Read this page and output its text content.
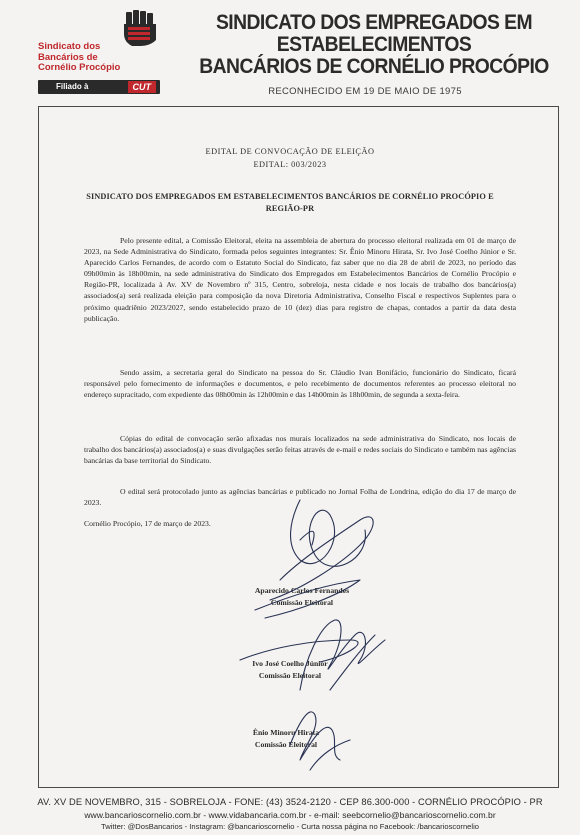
Sindicato dos
Bancários de
Cornélio Procópio
Filiado à	CUT
SINDICATO DOS EMPREGADOS EM ESTABELECIMENTOS
BANCÁRIOS DE CORNÉLIO PROCÓPIO
RECONHECIDO EM 19 DE MAIO DE 1975
EDITAL DE CONVOCAÇÃO DE ELEIÇÃO
EDITAL: 003/2023
SINDICATO DOS EMPREGADOS EM ESTABELECIMENTOS BANCÁRIOS DE CORNÉLIO PROCÓPIO E REGIÃO-PR

Pelo presente edital, a Comissão Eleitoral, eleita na assembleia de abertura do processo eleitoral realizada em 01 de março de 2023, na Sede Administrativa do Sindicato, formada pelos seguintes integrantes: Sr. Ênio Minoru Hirata, Sr. Ivo José Coelho Júnior e Sr. Aparecido Carlos Fernandes, de acordo com o Estatuto Social do Sindicato, faz saber que no dia 28 de abril de 2023, no período das 09h00min às 18h00min, na sede administrativa do Sindicato dos Empregados em Estabelecimentos Bancários de Cornélio Procópio e Região-PR, localizada à Av. XV de Novembro nº 315, Centro, sobreloja, nesta cidade e nos locais de trabalho dos bancários(a) associados(a) será realizada eleição para composição da nova Diretoria Administrativa, Conselho Fiscal e respectivos Suplentes para o próximo quadriênio 2023/2027, sendo estabelecido prazo de 10 (dez) dias para registro de chapas, contados a partir da data desta publicação.

Sendo assim, a secretaria geral do Sindicato na pessoa do Sr. Cláudio Ivan Bonifácio, funcionário do Sindicato, ficará responsável pelo fornecimento de informações e documentos, e pelo recebimento de documentos referentes ao processo eleitoral no endereço supracitado, com expediente das 08h00min às 12h00min e das 14h00min às 18h00min, de segunda a sexta-feira.

Cópias do edital de convocação serão afixadas nos murais localizados na sede administrativa do Sindicato, nos locais de trabalho dos bancários(a) associados(a) e suas divulgações serão feitas através de e-mail e redes sociais do Sindicato e também nas agências bancárias da base territorial do Sindicato.

O edital será protocolado junto as agências bancárias e publicado no Jornal Folha de Londrina, edição do dia 17 de março de 2023.

Cornélio Procópio, 17 de março de 2023.
Aparecido Carlos Fernandes
Comissão Eleitoral
Ivo José Coelho Júnior
Comissão Eleitoral
Ênio Minoru Hirata
Comissão Eleitoral
AV. XV DE NOVEMBRO, 315 - SOBRELOJA - FONE: (43) 3524-2120 - CEP 86.300-000 - CORNÉLIO PROCÓPIO - PR
www.bancarioscornelio.com.br - www.vidabancaria.com.br - e-mail: seebcornelio@bancarioscornelio.com.br
Twitter: @DosBancarios - Instagram: @bancarioscornelio - Curta nossa página no Facebook: /bancarioscornelio
